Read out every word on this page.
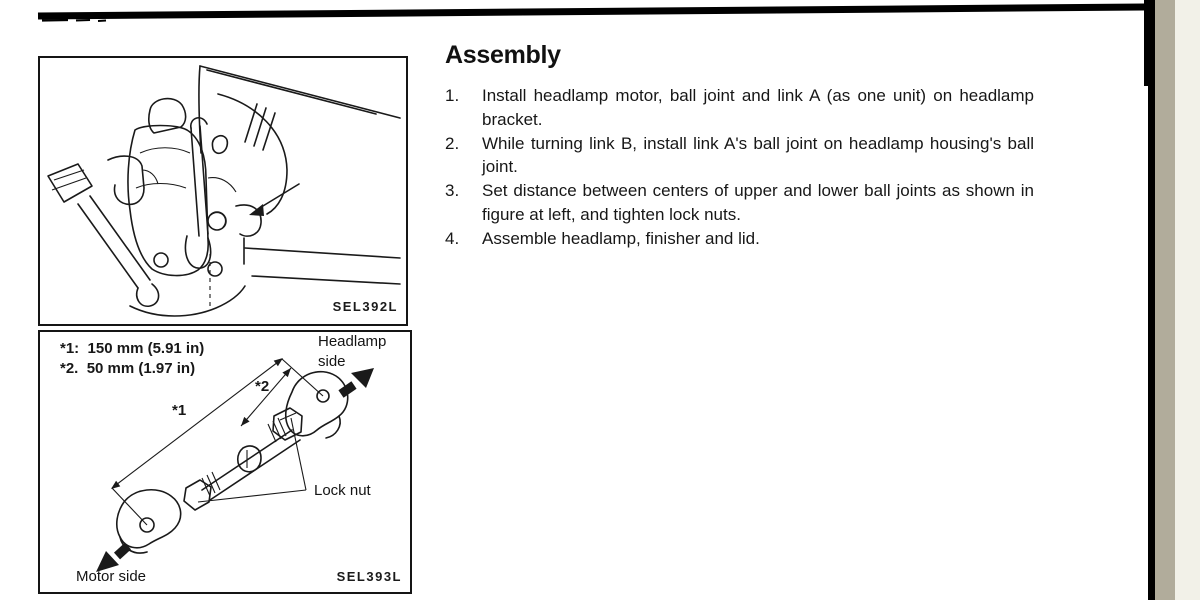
SEL392L
*1: 150 mm (5.91 in)
*2. 50 mm (1.97 in)
Headlamp
side
*1
*2
Lock nut
Motor side	SEL393L
Assembly
1.	Install headlamp motor, ball joint and link A (as one unit) on headlamp bracket.
2.	While turning link B, install link A's ball joint on headlamp housing's ball joint.
3.	Set distance between centers of upper and lower ball joints as shown in figure at left, and tighten lock nuts.
4.	Assemble headlamp, finisher and lid.
